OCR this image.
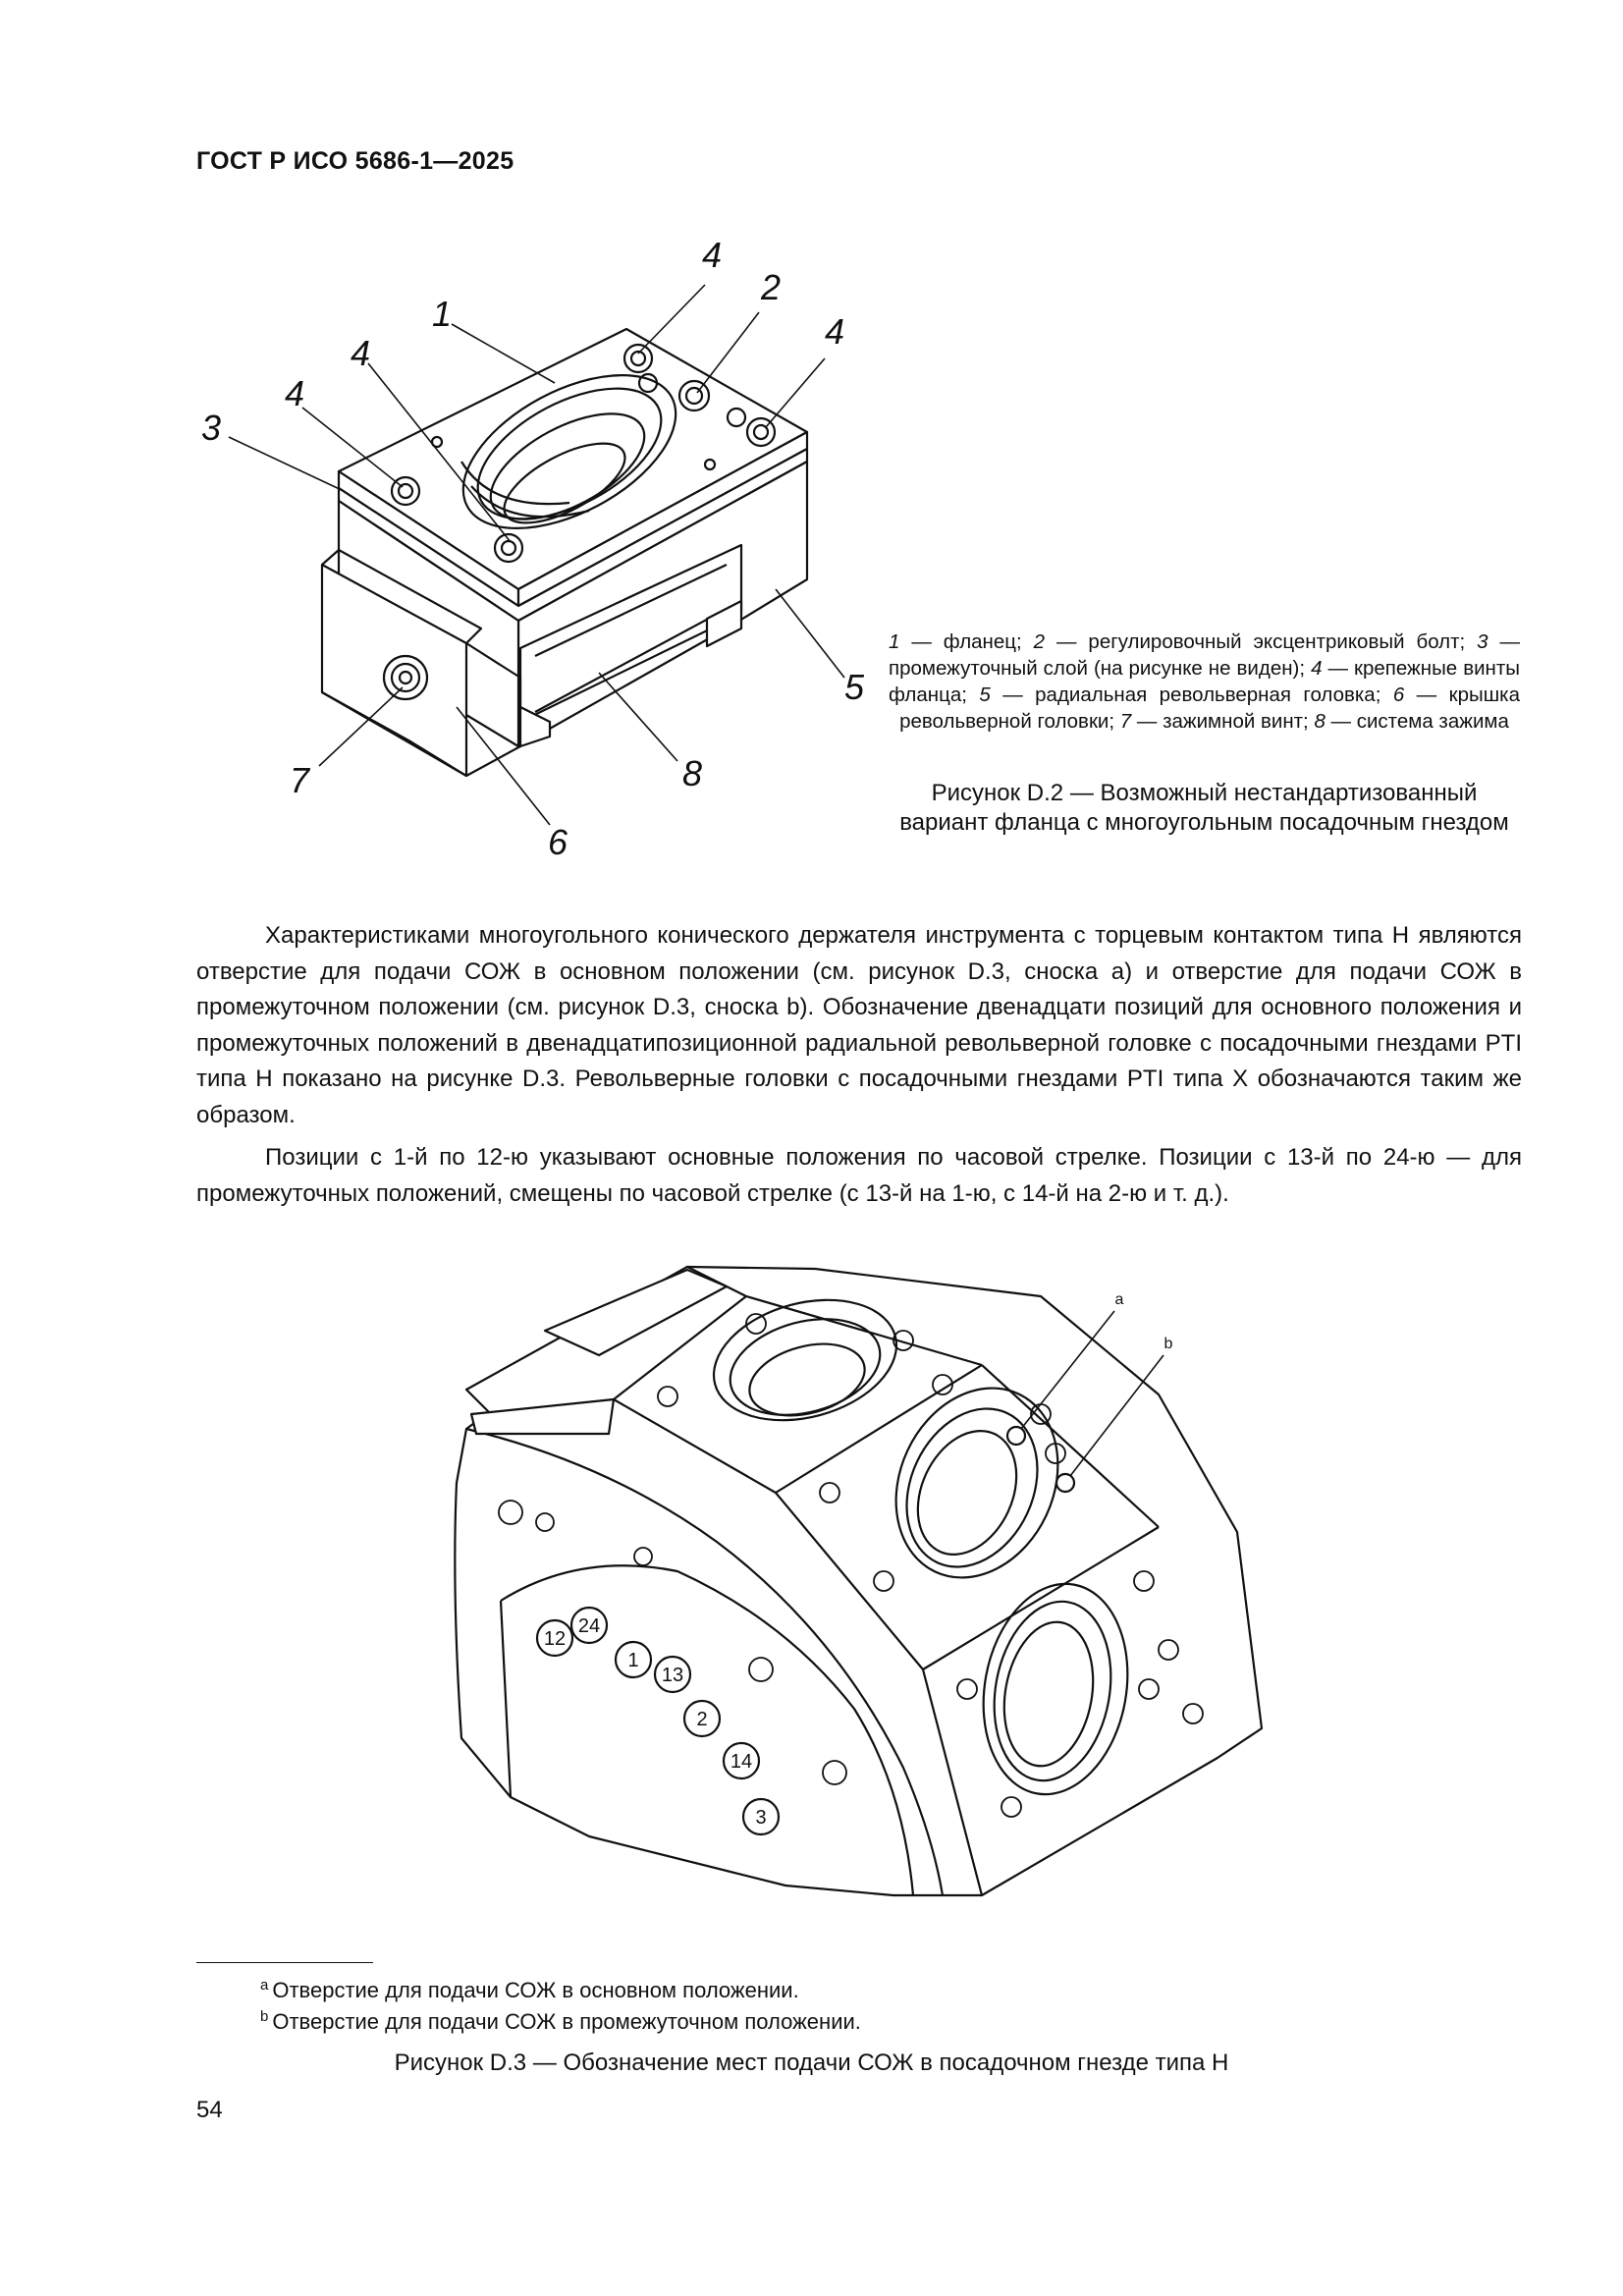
ГОСТ Р ИСО 5686-1—2025
4
2
1	4
4
4
3
5
7	8
6
1 — фланец; 2 — регулировочный эксцентриковый болт; 3 — промежуточный слой (на рисунке не виден); 4 — крепежные винты фланца; 5 — радиальная револьверная головка; 6 — крышка револьверной головки; 7 — зажимной винт; 8 — система зажима
Рисунок D.2 — Возможный нестандартизованный вариант фланца с многоугольным посадочным гнездом

Характеристиками многоугольного конического держателя инструмента с торцевым контактом типа Н являются отверстие для подачи СОЖ в основном положении (см. рисунок D.3, сноска а) и отверстие для подачи СОЖ в промежуточном положении (см. рисунок D.3, сноска b). Обозначение двенадцати позиций для основного положения и промежуточных положений в двенадцатипозиционной радиальной револьверной головке с посадочными гнездами PTI типа Н показано на рисунке D.3. Револьверные головки с посадочными гнездами PTI типа Х обозначаются таким же образом.

Позиции с 1-й по 12-ю указывают основные положения по часовой стрелке. Позиции с 13-й по 24-ю — для промежуточных положений, смещены по часовой стрелке (с 13-й на 1-ю, с 14-й на 2-ю и т. д.).

12
24
1
13
2
14
3
a
b
$^a$ Отверстие для подачи СОЖ в основном положении.
$^b$ Отверстие для подачи СОЖ в промежуточном положении.
Рисунок D.3 — Обозначение мест подачи СОЖ в посадочном гнезде типа Н
54
